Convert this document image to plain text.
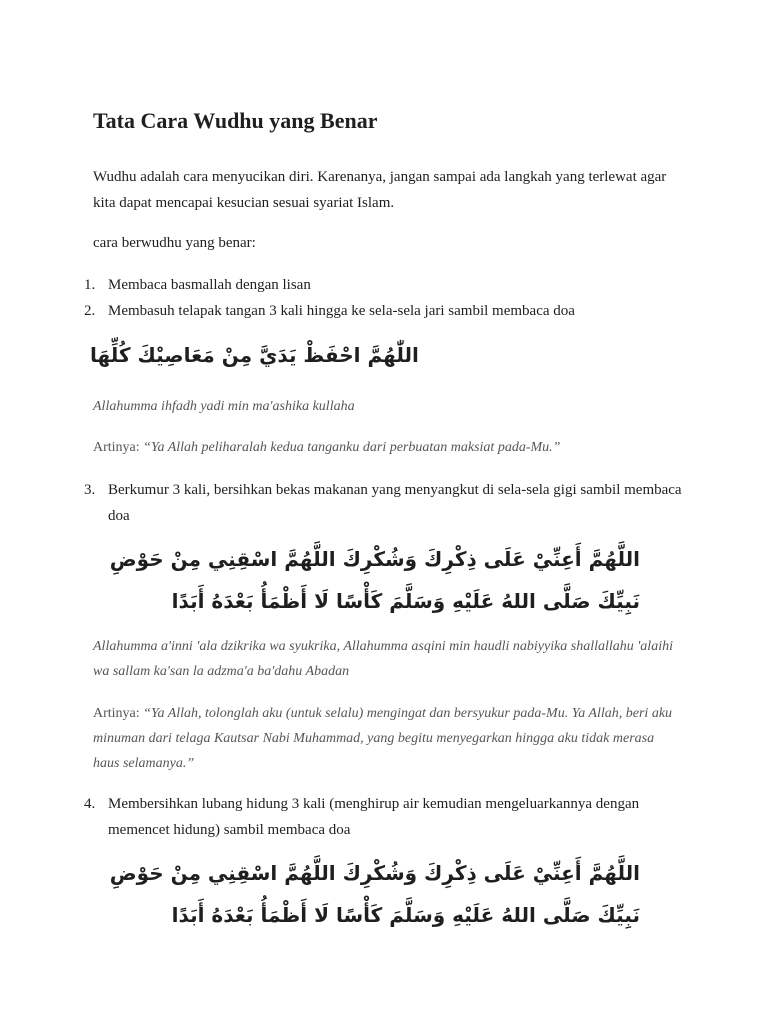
Tata Cara Wudhu yang Benar

Wudhu adalah cara menyucikan diri. Karenanya, jangan sampai ada langkah yang terlewat agar kita dapat mencapai kesucian sesuai syariat Islam.

cara berwudhu yang benar:

1. Membaca basmallah dengan lisan
2. Membasuh telapak tangan 3 kali hingga ke sela-sela jari sambil membaca doa

اللّٰهُمَّ احْفَظْ يَدَيَّ مِنْ مَعَاصِيْكَ كُلِّهَا

Allahumma ihfadh yadi min ma'ashika kullaha

Artinya: “Ya Allah peliharalah kedua tanganku dari perbuatan maksiat pada-Mu.”

3. Berkumur 3 kali, bersihkan bekas makanan yang menyangkut di sela-sela gigi sambil membaca doa

اللَّهُمَّ أَعِنِّيْ عَلَى ذِكْرِكَ وَشُكْرِكَ اللَّهُمَّ اسْقِنِي مِنْ حَوْضِ نَبِيِّكَ صَلَّى اللهُ عَلَيْهِ وَسَلَّمَ كَأْسًا لَا أَظْمَأُ بَعْدَهُ أَبَدًا

Allahumma a'inni 'ala dzikrika wa syukrika, Allahumma asqini min haudli nabiyyika shallallahu 'alaihi wa sallam ka'san la adzma'a ba'dahu Abadan

Artinya: “Ya Allah, tolonglah aku (untuk selalu) mengingat dan bersyukur pada-Mu. Ya Allah, beri aku minuman dari telaga Kautsar Nabi Muhammad, yang begitu menyegarkan hingga aku tidak merasa haus selamanya.”

4. Membersihkan lubang hidung 3 kali (menghirup air kemudian mengeluarkannya dengan memencet hidung) sambil membaca doa

اللَّهُمَّ أَعِنِّيْ عَلَى ذِكْرِكَ وَشُكْرِكَ اللَّهُمَّ اسْقِنِي مِنْ حَوْضِ نَبِيِّكَ صَلَّى اللهُ عَلَيْهِ وَسَلَّمَ كَأْسًا لَا أَظْمَأُ بَعْدَهُ أَبَدًا
